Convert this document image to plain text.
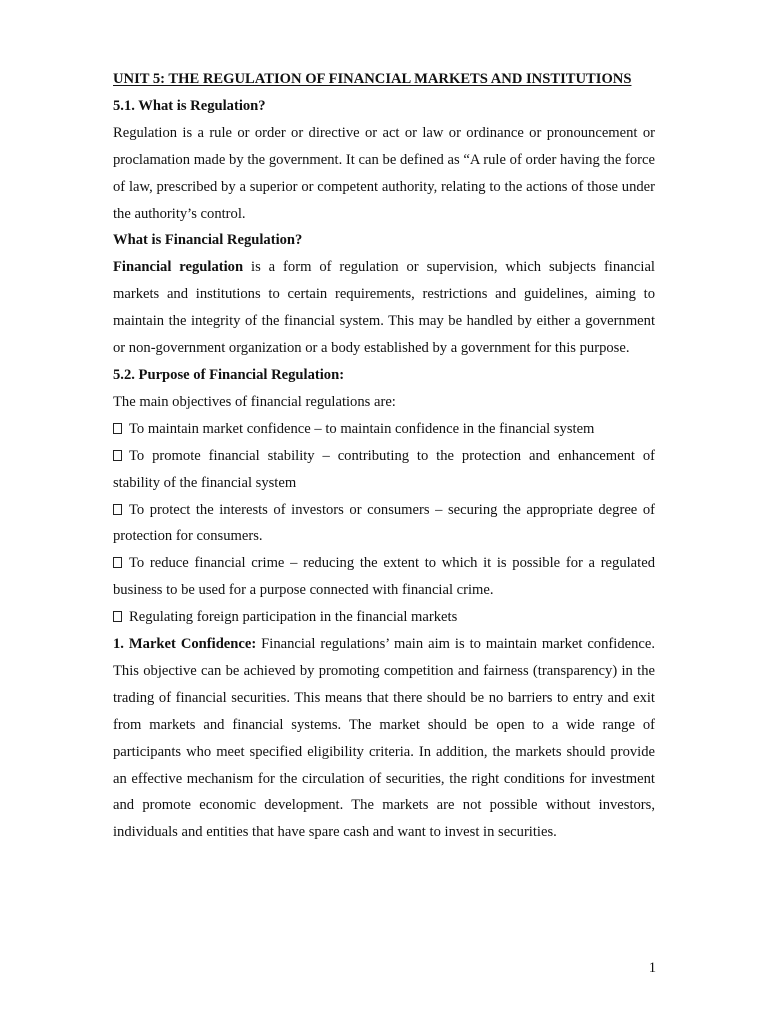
UNIT 5: THE REGULATION OF FINANCIAL MARKETS AND INSTITUTIONS

5.1. What is Regulation?

Regulation is a rule or order or directive or act or law or ordinance or pronouncement or proclamation made by the government. It can be defined as “A rule of order having the force of law, prescribed by a superior or competent authority, relating to the actions of those under the authority’s control.

What is Financial Regulation?

Financial regulation is a form of regulation or supervision, which subjects financial markets and institutions to certain requirements, restrictions and guidelines, aiming to maintain the integrity of the financial system. This may be handled by either a government or non-government organization or a body established by a government for this purpose.

5.2. Purpose of Financial Regulation:

The main objectives of financial regulations are:

To maintain market confidence – to maintain confidence in the financial system

To promote financial stability – contributing to the protection and enhancement of stability of the financial system

To protect the interests of investors or consumers – securing the appropriate degree of protection for consumers.

To reduce financial crime – reducing the extent to which it is possible for a regulated business to be used for a purpose connected with financial crime.

Regulating foreign participation in the financial markets

1. Market Confidence: Financial regulations’ main aim is to maintain market confidence. This objective can be achieved by promoting competition and fairness (transparency) in the trading of financial securities. This means that there should be no barriers to entry and exit from markets and financial systems. The market should be open to a wide range of participants who meet specified eligibility criteria. In addition, the markets should provide an effective mechanism for the circulation of securities, the right conditions for investment and promote economic development. The markets are not possible without investors, individuals and entities that have spare cash and want to invest in securities.

1
